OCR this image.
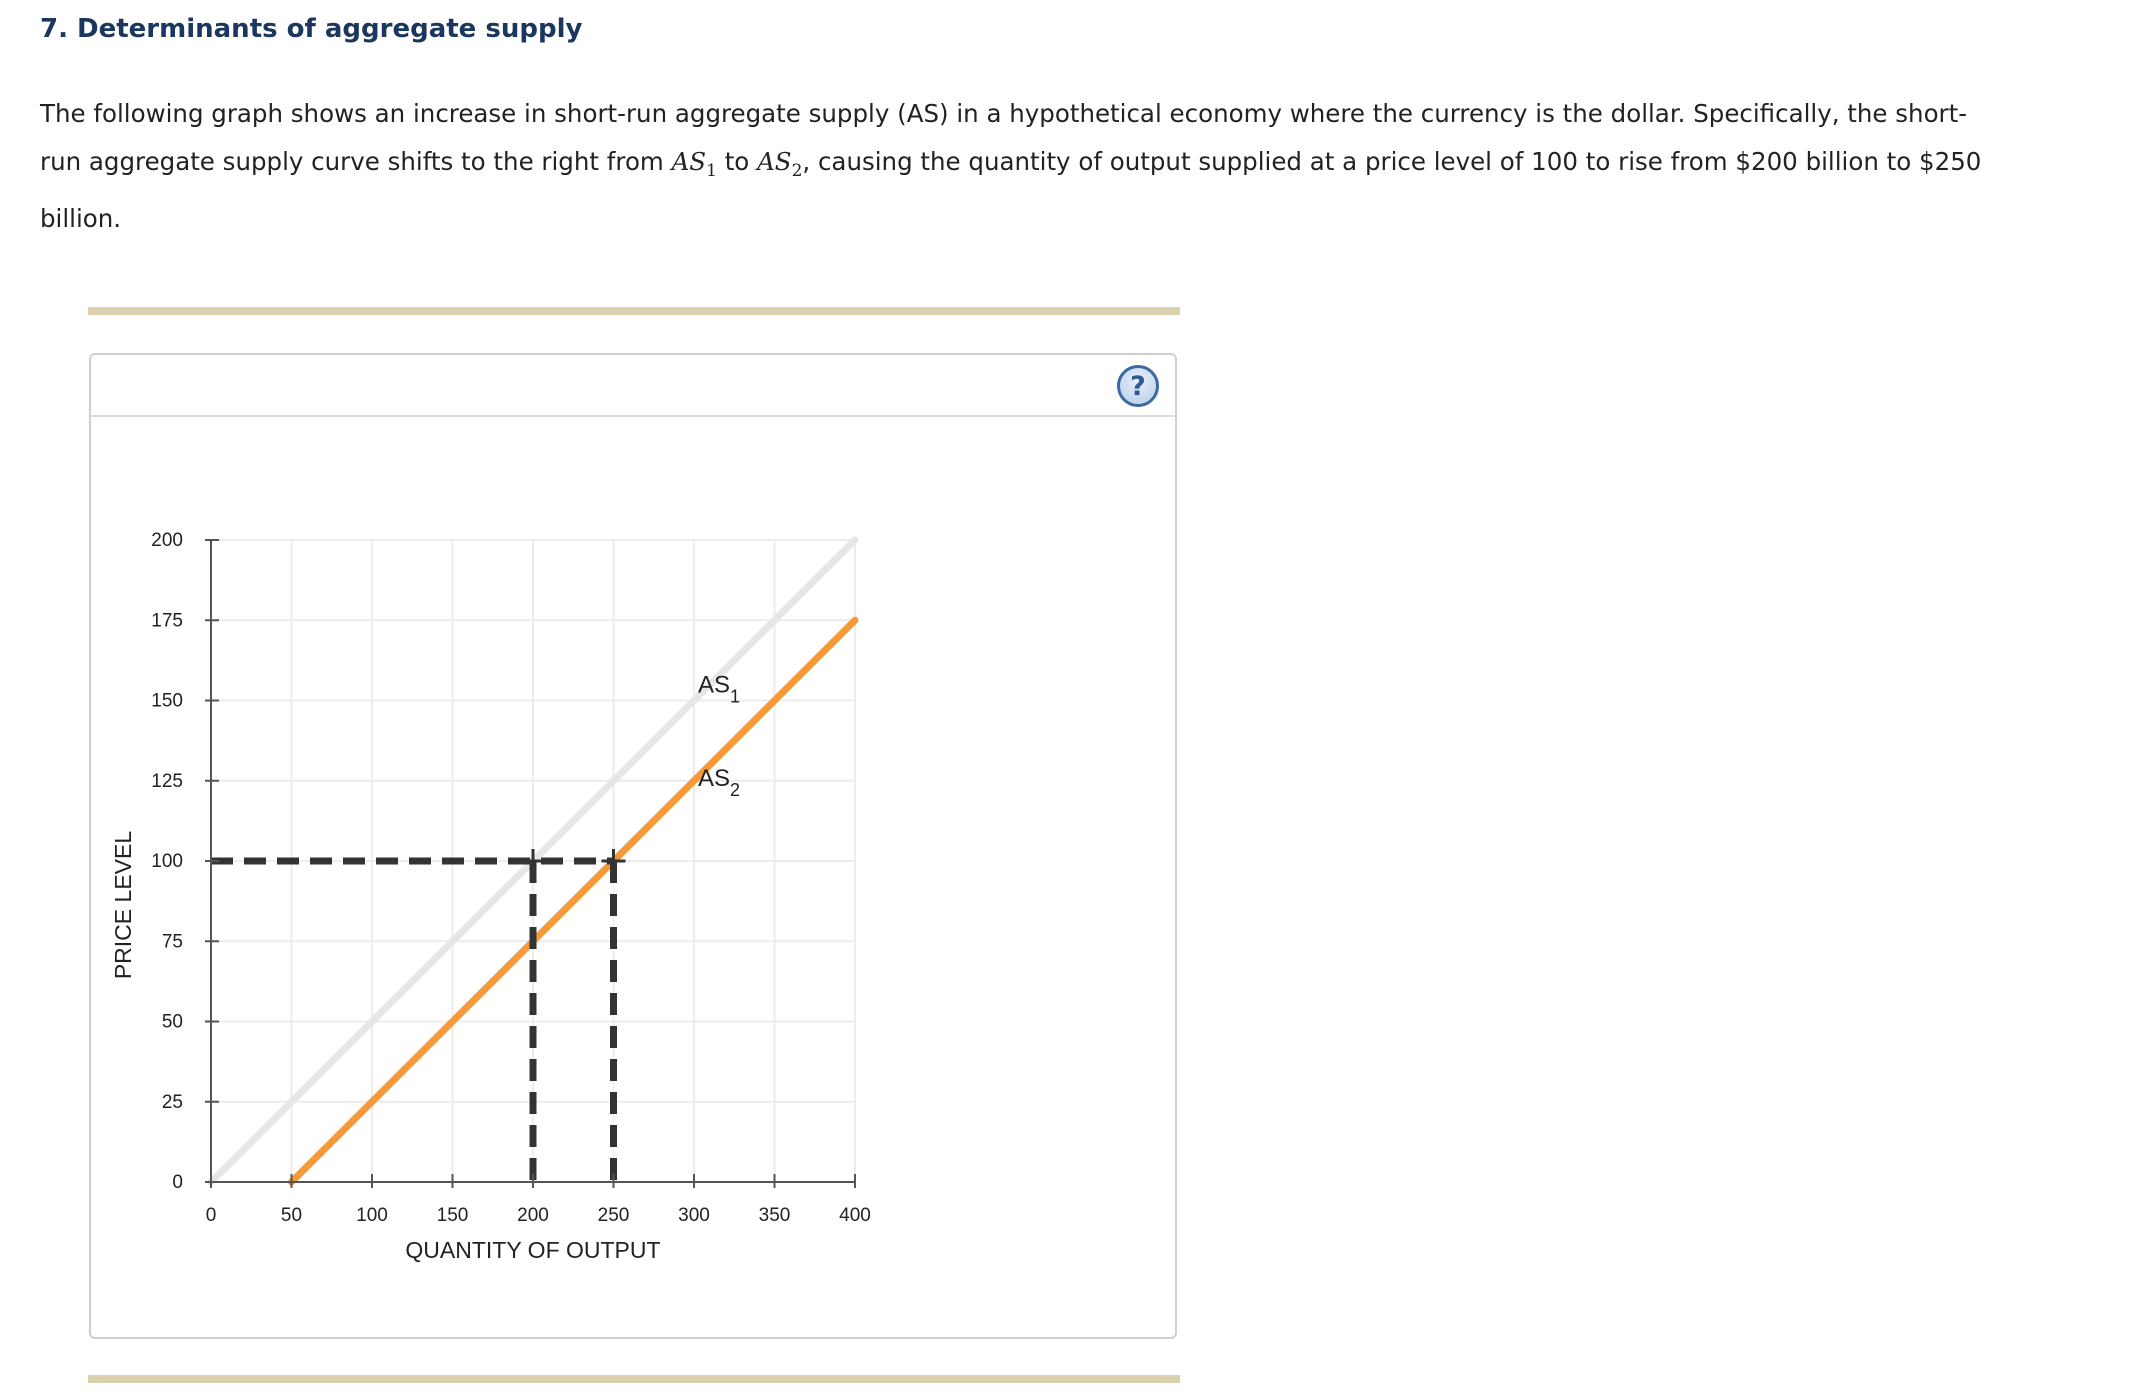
7. Determinants of aggregate supply

The following graph shows an increase in short-run aggregate supply (AS) in a hypothetical economy where the currency is the dollar. Specifically, the short-run aggregate supply curve shifts to the right from $AS_1$ to $AS_2$, causing the quantity of output supplied at a price level of 100 to rise from $200 billion to $250 billion.

?
0
25
50
75
100
125
150
175
200
0	50	100	150	200	250	300	350	400
QUANTITY OF OUTPUT
PRICE LEVEL
$AS_1$
$AS_2$
